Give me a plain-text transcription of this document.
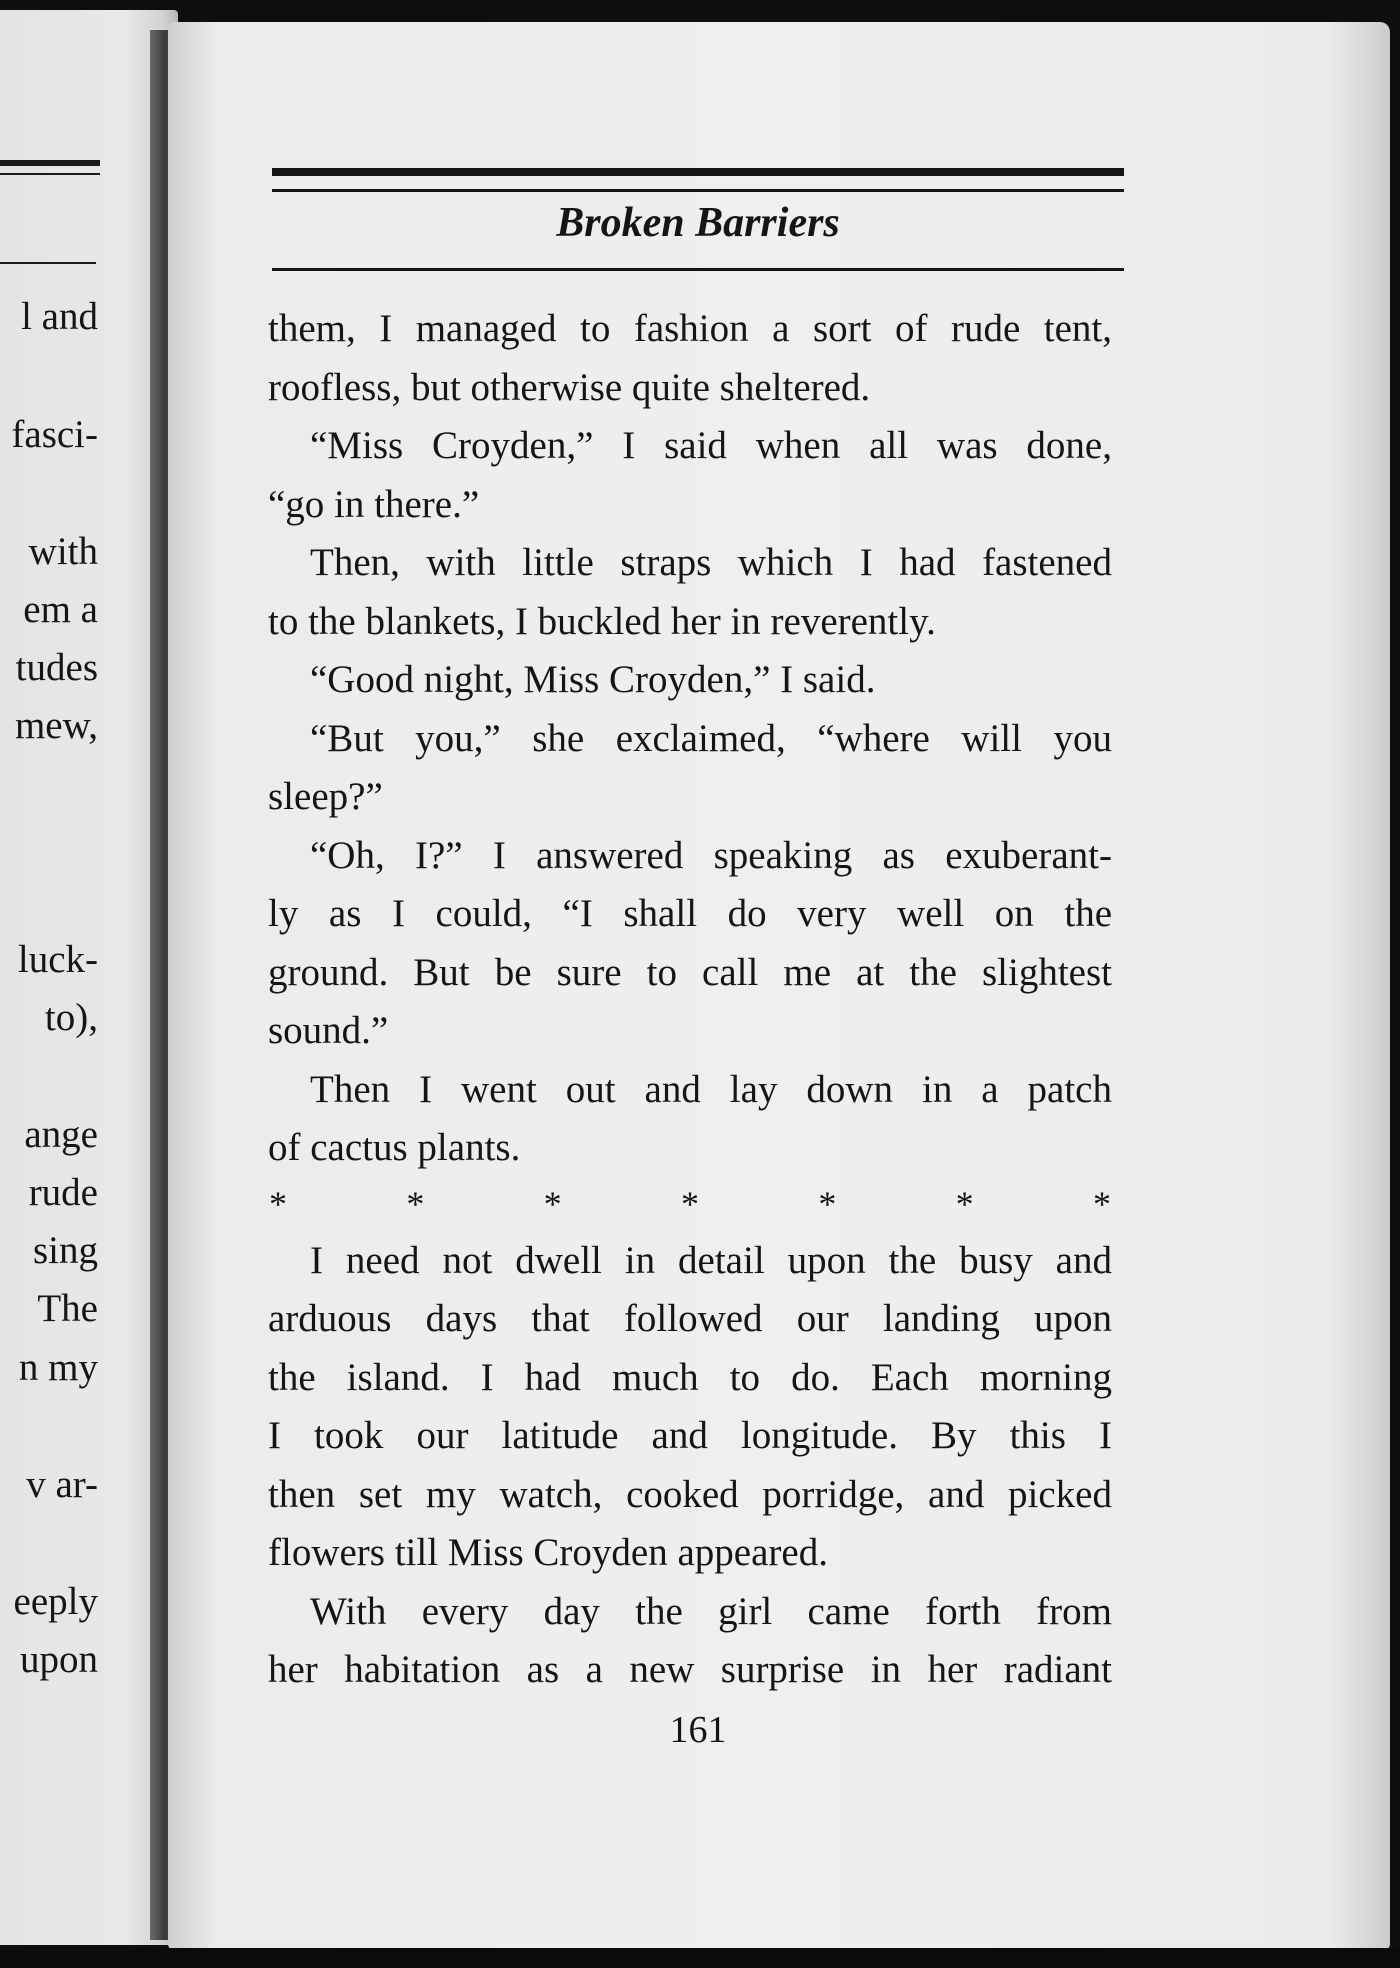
l and
fasci-
with
em a
tudes
mew,
luck-
to),
ange
rude
sing
The
n my
v ar-
eeply
upon
Broken Barriers
them, I managed to fashion a sort of rude tent,
roofless, but otherwise quite sheltered.
“Miss Croyden,” I said when all was done,
“go in there.”
Then, with little straps which I had fastened
to the blankets, I buckled her in reverently.
“Good night, Miss Croyden,” I said.
“But you,” she exclaimed, “where will you
sleep?”
“Oh, I?” I answered speaking as exuberant-
ly as I could, “I shall do very well on the
ground. But be sure to call me at the slightest
sound.”
Then I went out and lay down in a patch
of cactus plants.
*	*	*	*	*	*	*
I need not dwell in detail upon the busy and
arduous days that followed our landing upon
the island. I had much to do. Each morning
I took our latitude and longitude. By this I
then set my watch, cooked porridge, and picked
flowers till Miss Croyden appeared.
With every day the girl came forth from
her habitation as a new surprise in her radiant
161
